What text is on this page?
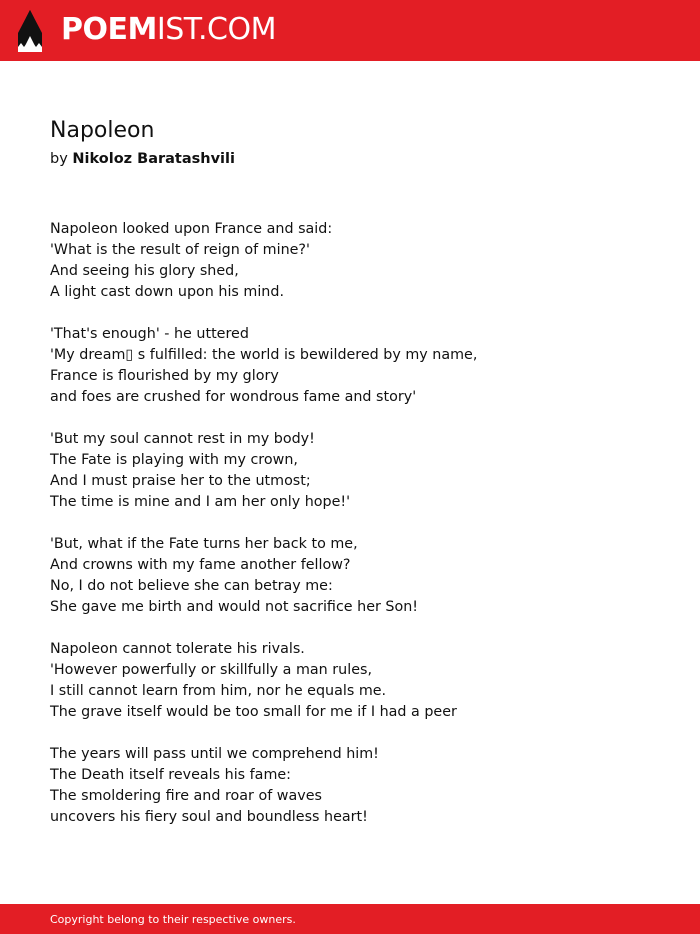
POEMIST.COM
Napoleon
by Nikoloz Baratashvili
Napoleon looked upon France and said:
'What is the result of reign of mine?'
And seeing his glory shed,
A light cast down upon his mind.
'That's enough' - he uttered
'My dream▯ s fulfilled: the world is bewildered by my name,
France is flourished by my glory
and foes are crushed for wondrous fame and story'
'But my soul cannot rest in my body!
The Fate is playing with my crown,
And I must praise her to the utmost;
The time is mine and I am her only hope!'
'But, what if the Fate turns her back to me,
And crowns with my fame another fellow?
No, I do not believe she can betray me:
She gave me birth and would not sacrifice her Son!
Napoleon cannot tolerate his rivals.
'However powerfully or skillfully a man rules,
I still cannot learn from him, nor he equals me.
The grave itself would be too small for me if I had a peer
The years will pass until we comprehend him!
The Death itself reveals his fame:
The smoldering fire and roar of waves
uncovers his fiery soul and boundless heart!
Copyright belong to their respective owners.
